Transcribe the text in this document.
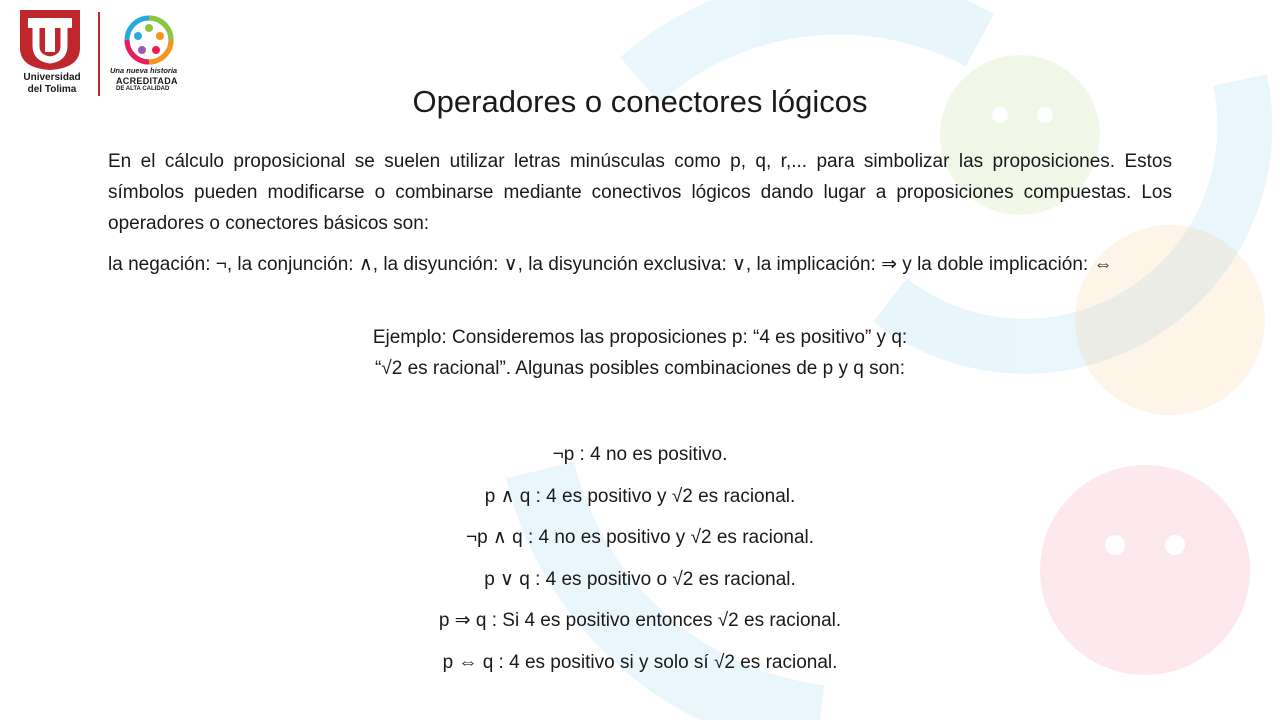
Universidad
del Tolima
Una nueva historia
ACREDITADA
DE ALTA CALIDAD	Operadores o conectores lógicos

En el cálculo proposicional se suelen utilizar letras minúsculas como p, q, r,... para simbolizar las proposiciones. Estos símbolos pueden modificarse o combinarse mediante conectivos lógicos dando lugar a proposiciones compuestas. Los operadores o conectores básicos son:

la negación: ¬, la conjunción: ∧, la disyunción: ∨, la disyunción exclusiva: ∨, la implicación: ⇒ y la doble implicación: ⇔

Ejemplo: Consideremos las proposiciones p: “4 es positivo” y q:

“√2 es racional”. Algunas posibles combinaciones de p y q son:

¬p : 4 no es positivo.
p ∧ q : 4 es positivo y √2 es racional.
¬p ∧ q : 4 no es positivo y √2 es racional.
p ∨ q : 4 es positivo o √2 es racional.
p ⇒ q : Si 4 es positivo entonces √2 es racional.
p ⇔ q : 4 es positivo si y solo sí √2 es racional.
